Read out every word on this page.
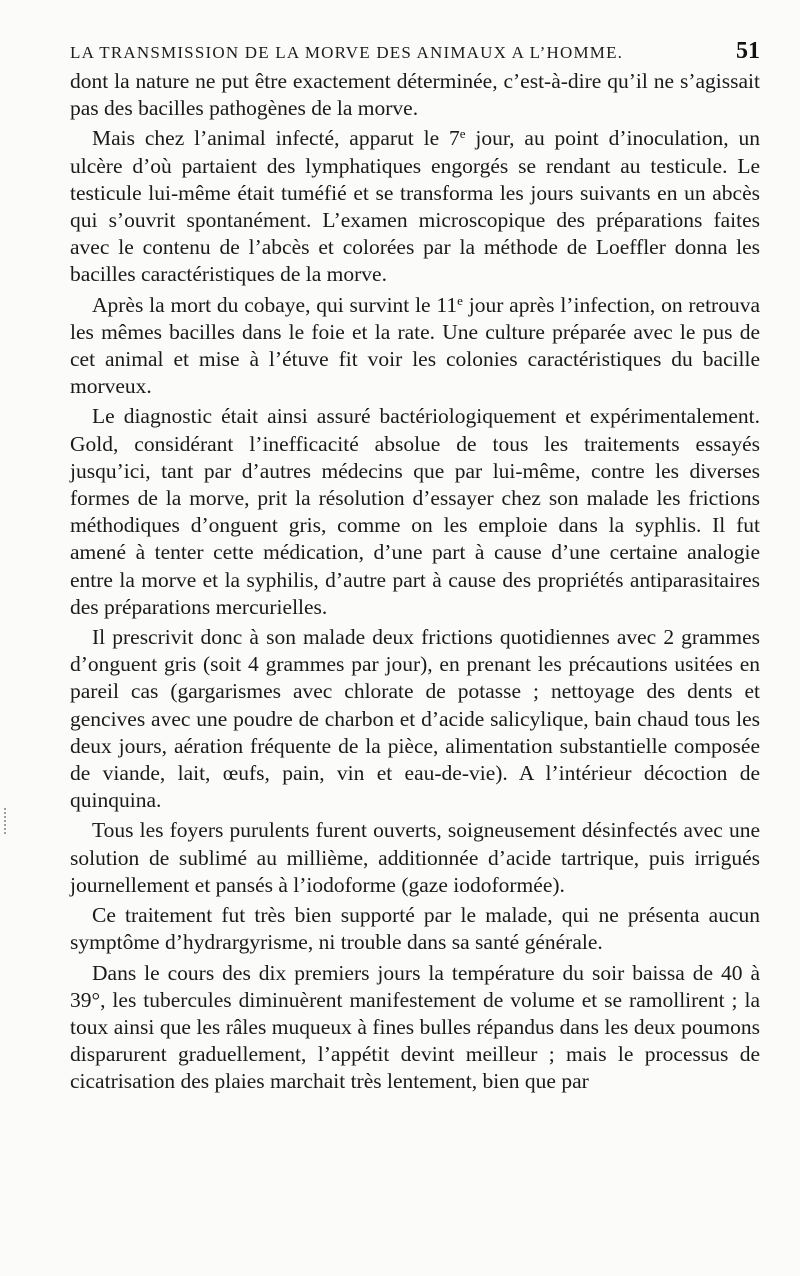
LA TRANSMISSION DE LA MORVE DES ANIMAUX A L’HOMME.	51

dont la nature ne put être exactement déterminée, c’est-à-dire qu’il ne s’agissait pas des bacilles pathogènes de la morve.

Mais chez l’animal infecté, apparut le 7e jour, au point d’inoculation, un ulcère d’où partaient des lymphatiques engorgés se rendant au testicule. Le testicule lui-même était tuméfié et se transforma les jours suivants en un abcès qui s’ouvrit spontanément. L’examen microscopique des préparations faites avec le contenu de l’abcès et colorées par la méthode de Loeffler donna les bacilles caractéristiques de la morve.

Après la mort du cobaye, qui survint le 11e jour après l’infection, on retrouva les mêmes bacilles dans le foie et la rate. Une culture préparée avec le pus de cet animal et mise à l’étuve fit voir les colonies caractéristiques du bacille morveux.

Le diagnostic était ainsi assuré bactériologiquement et expérimentalement. Gold, considérant l’inefficacité absolue de tous les traitements essayés jusqu’ici, tant par d’autres médecins que par lui-même, contre les diverses formes de la morve, prit la résolution d’essayer chez son malade les frictions méthodiques d’onguent gris, comme on les emploie dans la syphlis. Il fut amené à tenter cette médication, d’une part à cause d’une certaine analogie entre la morve et la syphilis, d’autre part à cause des propriétés antiparasitaires des préparations mercurielles.

Il prescrivit donc à son malade deux frictions quotidiennes avec 2 grammes d’onguent gris (soit 4 grammes par jour), en prenant les précautions usitées en pareil cas (gargarismes avec chlorate de potasse ; nettoyage des dents et gencives avec une poudre de charbon et d’acide salicylique, bain chaud tous les deux jours, aération fréquente de la pièce, alimentation substantielle composée de viande, lait, œufs, pain, vin et eau-de-vie). A l’intérieur décoction de quinquina.

Tous les foyers purulents furent ouverts, soigneusement désinfectés avec une solution de sublimé au millième, additionnée d’acide tartrique, puis irrigués journellement et pansés à l’iodoforme (gaze iodoformée).

Ce traitement fut très bien supporté par le malade, qui ne présenta aucun symptôme d’hydrargyrisme, ni trouble dans sa santé générale.

Dans le cours des dix premiers jours la température du soir baissa de 40 à 39°, les tubercules diminuèrent manifestement de volume et se ramollirent ; la toux ainsi que les râles muqueux à fines bulles répandus dans les deux poumons disparurent graduellement, l’appétit devint meilleur ; mais le processus de cicatrisation des plaies marchait très lentement, bien que par
